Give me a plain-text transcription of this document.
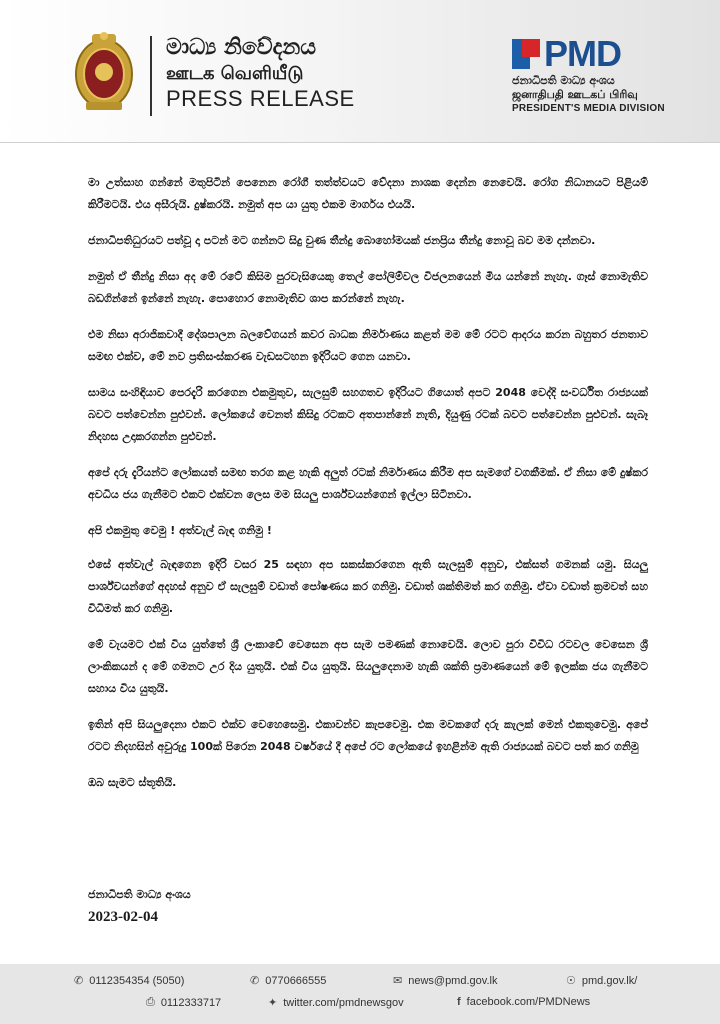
මාධ්‍ය නිවේදනය
ஊடக வெளியீடு
PRESS RELEASE
PMD
ජනාධිපති මාධ්‍ය අංශය
ஜனாதிபதி ஊடகப் பிரிவு
PRESIDENT'S MEDIA DIVISION

මා උත්සාහ ගන්නේ මතුපිටින් පෙනෙන රෝගී තත්ත්වයට වේදනා නාශක දෙන්න නෙවෙයි. රෝග නිධානයට පිළියම් කිරීමටයි. එය අසීරුයි. දුෂ්කරයි. නමුත් අප යා යුතු එකම මාර්ගය එයයි.

ජනාධිපතිධුරයට පත්වූ දා පටන් මට ගන්නට සිදු වුණ තීන්දු බොහෝමයක් ජනප්‍රිය තීන්දු නොවූ බව මම දන්නවා.

නමුත් ඒ තීන්දු නිසා අද මේ රටේ කිසිම පුරවැසියෙකු තෙල් පෝලිම්වල විජලනයෙන් මිය යන්නේ නැහැ. ගෑස් නොමැතිව බඩගින්නේ ඉන්නේ නැහැ. පොහොර නොමැතිව ශාප කරන්නේ නැහැ.

එම නිසා අරාජිකවාදී දේශපාලන බලවේගයන් කවර බාධක නිර්මාණය කළත් මම මේ රටට ආදරය කරන බහුතර ජනතාව සමඟ එක්ව, මේ නව ප්‍රතිසංස්කරණ වැඩසටහන ඉදිරියට ගෙන යනවා.

සාමය සංහිඳියාව පෙරදැරි කරගෙන එකමුතුව, සැලසුම් සහගතව ඉදිරියට ගියොත් අපට 2048 වෙද්දි සංවර්ධිත රාජ්‍යයක් බවට පත්වෙන්න පුළුවන්. ලෝකයේ වෙනත් කිසිදු රටකට අතපාන්නේ නැති, දියුණු රටක් බවට පත්වෙන්න පුළුවන්. සැබෑ නිදහස උදාකරගන්න පුළුවන්.

අපේ දරු දැරියන්ට ලෝකයත් සමඟ තරග කළ හැකි අලුත් රටක් නිර්මාණය කිරීම අප සැමගේ වගකීමක්. ඒ නිසා මේ දුෂ්කර අවධිය ජය ගැනීමට එකට එක්වන ලෙස මම සියලු පාර්ශ්වයන්ගෙන් ඉල්ලා සිටිනවා.

අපි එකමුතු වෙමු ! අත්වැල් බැඳ ගනිමු !

එසේ අත්වැල් බැඳගෙන ඉදිරි වසර 25 සඳහා අප සකස්කරගෙන ඇති සැලසුම් අනුව, එක්සත් ගමනක් යමු. සියලු පාර්ශ්වයන්ගේ අදහස් අනුව ඒ සැලසුම් වඩාත් පෝෂණය කර ගනිමු. වඩාත් ශක්තිමත් කර ගනිමු. ඒවා වඩාත් ක්‍රමවත් සහ විධිමත් කර ගනිමු.

මේ වැයමට එක් විය යුත්තේ ශ්‍රී ලංකාවේ වෙසෙන අප සැම පමණක් නොවෙයි. ලොව පුරා විවිධ රටවල වෙසෙන ශ්‍රී ලාංකිකයන් ද මේ ගමනට උර දිය යුතුයි. එක් විය යුතුයි. සියලුදෙනාම හැකි ශක්ති ප්‍රමාණයෙන් මේ ඉලක්ක ජය ගැනීමට සහාය විය යුතුයි.

ඉතින් අපි සියලුදෙනා එකට එක්ව වෙහෙසෙමු. එකාවන්ව කැපවෙමු. එක මවකගේ දරු කැලක් මෙන් එකතුවෙමු. අපේ රටට නිදහසින් අවුරුදු 100ක් පිරෙන 2048 වර්ෂයේ දී අපේ රට ලෝකයේ ඉහළින්ම ඇති රාජ්‍යයක් බවට පත් කර ගනිමු

ඔබ සැමට ස්තූතියි.

ජනාධිපති මාධ්‍ය අංශය
2023-02-04
✆ 0112354354 (5050)	✆ 0770666555	✉ news@pmd.gov.lk	☉ pmd.gov.lk/
⎙ 0112333717	✦ twitter.com/pmdnewsgov	f facebook.com/PMDNews
